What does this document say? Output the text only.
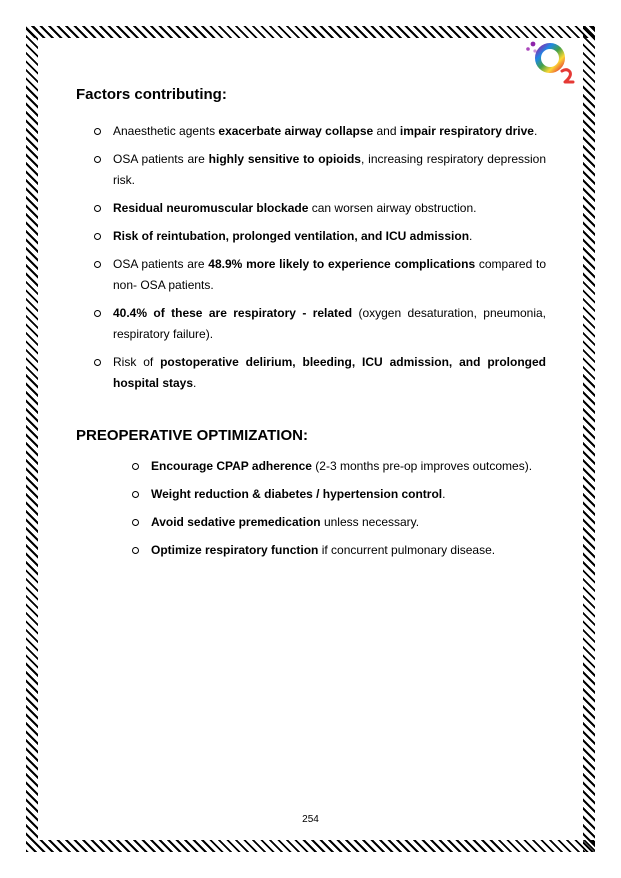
Factors contributing:
Anaesthetic agents exacerbate airway collapse and impair respiratory drive.
OSA patients are highly sensitive to opioids, increasing respiratory depression risk.
Residual neuromuscular blockade can worsen airway obstruction.
Risk of reintubation, prolonged ventilation, and ICU admission.
OSA patients are 48.9% more likely to experience complications compared to non- OSA patients.
40.4% of these are respiratory - related (oxygen desaturation, pneumonia, respiratory failure).
Risk of postoperative delirium, bleeding, ICU admission, and prolonged hospital stays.
PREOPERATIVE OPTIMIZATION:
Encourage CPAP adherence (2-3 months pre-op improves outcomes).
Weight reduction & diabetes / hypertension control.
Avoid sedative premedication unless necessary.
Optimize respiratory function if concurrent pulmonary disease.
254
